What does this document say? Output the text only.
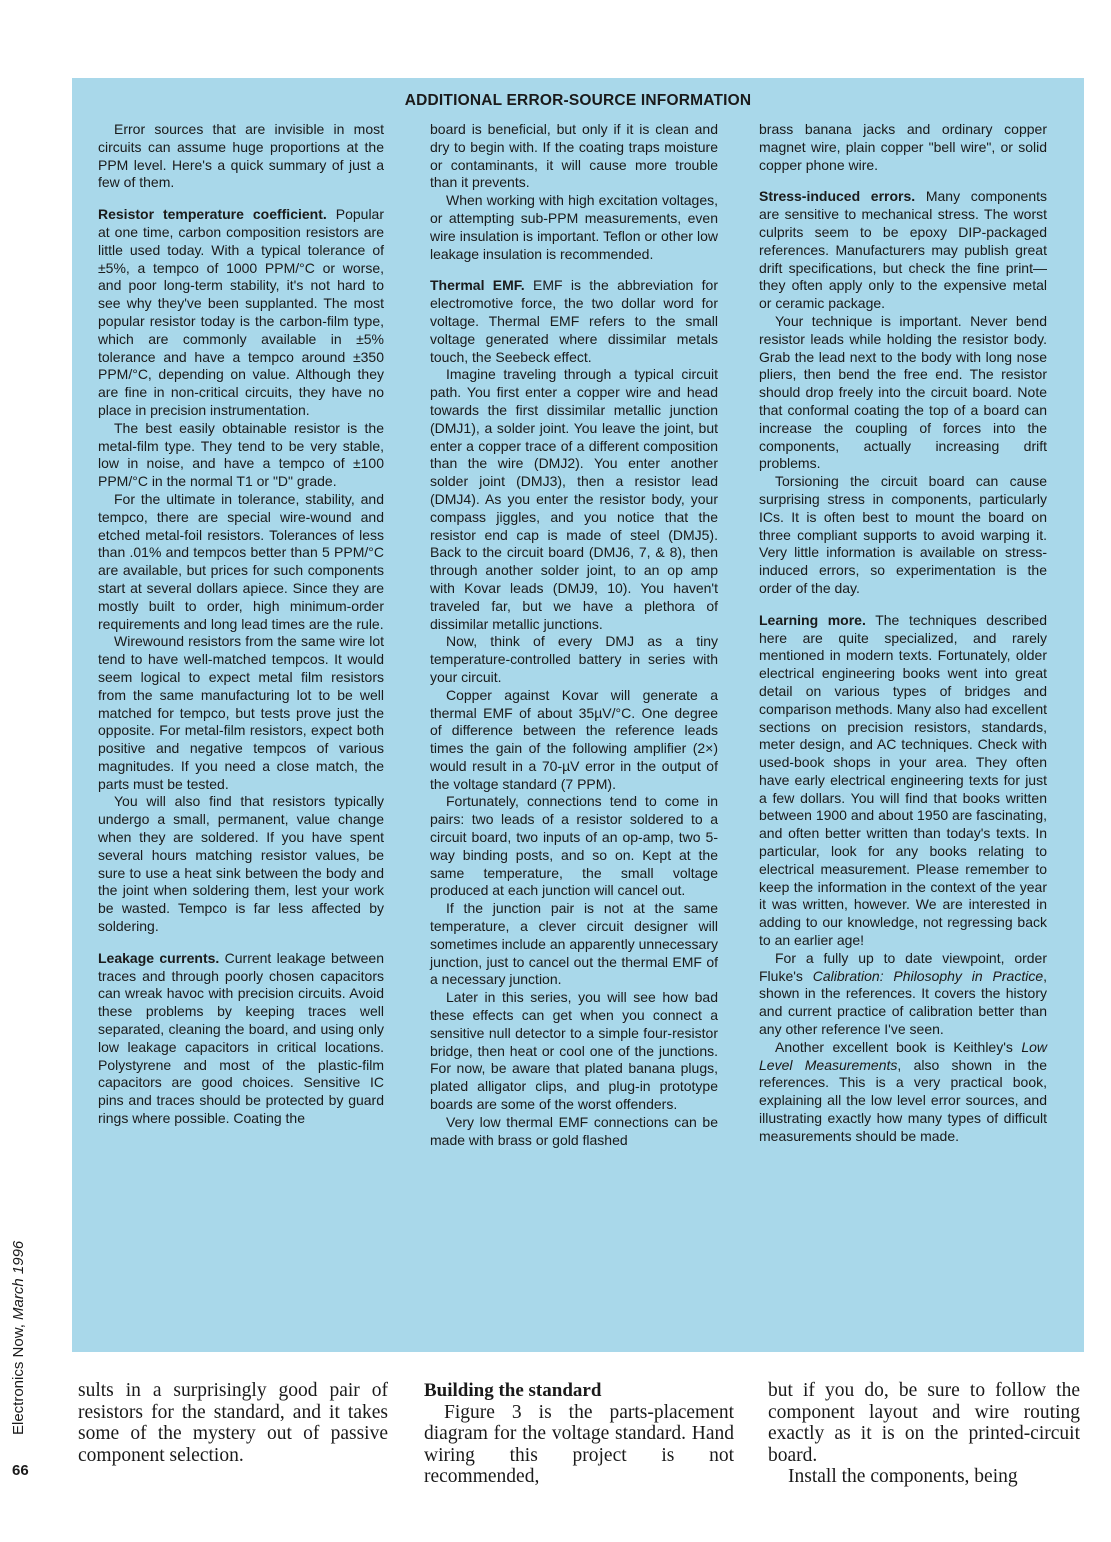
ADDITIONAL ERROR-SOURCE INFORMATION

Error sources that are invisible in most circuits can assume huge proportions at the PPM level. Here's a quick summary of just a few of them.

Resistor temperature coefficient. Popular at one time, carbon composition resistors are little used today. With a typical tolerance of ±5%, a tempco of 1000 PPM/°C or worse, and poor long-term stability, it's not hard to see why they've been supplanted. The most popular resistor today is the carbon-film type, which are commonly available in ±5% tolerance and have a tempco around ±350 PPM/°C, depending on value. Although they are fine in non-critical circuits, they have no place in precision instrumentation.

The best easily obtainable resistor is the metal-film type. They tend to be very stable, low in noise, and have a tempco of ±100 PPM/°C in the normal T1 or "D" grade.

For the ultimate in tolerance, stability, and tempco, there are special wire-wound and etched metal-foil resistors. Tolerances of less than .01% and tempcos better than 5 PPM/°C are available, but prices for such components start at several dollars apiece. Since they are mostly built to order, high minimum-order requirements and long lead times are the rule.

Wirewound resistors from the same wire lot tend to have well-matched tempcos. It would seem logical to expect metal film resistors from the same manufacturing lot to be well matched for tempco, but tests prove just the opposite. For metal-film resistors, expect both positive and negative tempcos of various magnitudes. If you need a close match, the parts must be tested.

You will also find that resistors typically undergo a small, permanent, value change when they are soldered. If you have spent several hours matching resistor values, be sure to use a heat sink between the body and the joint when soldering them, lest your work be wasted. Tempco is far less affected by soldering.

Leakage currents. Current leakage between traces and through poorly chosen capacitors can wreak havoc with precision circuits. Avoid these problems by keeping traces well separated, cleaning the board, and using only low leakage capacitors in critical locations. Polystyrene and most of the plastic-film capacitors are good choices. Sensitive IC pins and traces should be protected by guard rings where possible. Coating the

board is beneficial, but only if it is clean and dry to begin with. If the coating traps moisture or contaminants, it will cause more trouble than it prevents.

When working with high excitation voltages, or attempting sub-PPM measurements, even wire insulation is important. Teflon or other low leakage insulation is recommended.

Thermal EMF. EMF is the abbreviation for electromotive force, the two dollar word for voltage. Thermal EMF refers to the small voltage generated where dissimilar metals touch, the Seebeck effect.

Imagine traveling through a typical circuit path. You first enter a copper wire and head towards the first dissimilar metallic junction (DMJ1), a solder joint. You leave the joint, but enter a copper trace of a different composition than the wire (DMJ2). You enter another solder joint (DMJ3), then a resistor lead (DMJ4). As you enter the resistor body, your compass jiggles, and you notice that the resistor end cap is made of steel (DMJ5). Back to the circuit board (DMJ6, 7, & 8), then through another solder joint, to an op amp with Kovar leads (DMJ9, 10). You haven't traveled far, but we have a plethora of dissimilar metallic junctions.

Now, think of every DMJ as a tiny temperature-controlled battery in series with your circuit.

Copper against Kovar will generate a thermal EMF of about 35µV/°C. One degree of difference between the reference leads times the gain of the following amplifier (2×) would result in a 70-µV error in the output of the voltage standard (7 PPM).

Fortunately, connections tend to come in pairs: two leads of a resistor soldered to a circuit board, two inputs of an op-amp, two 5-way binding posts, and so on. Kept at the same temperature, the small voltage produced at each junction will cancel out.

If the junction pair is not at the same temperature, a clever circuit designer will sometimes include an apparently unnecessary junction, just to cancel out the thermal EMF of a necessary junction.

Later in this series, you will see how bad these effects can get when you connect a sensitive null detector to a simple four-resistor bridge, then heat or cool one of the junctions. For now, be aware that plated banana plugs, plated alligator clips, and plug-in prototype boards are some of the worst offenders.

Very low thermal EMF connections can be made with brass or gold flashed

brass banana jacks and ordinary copper magnet wire, plain copper "bell wire", or solid copper phone wire.

Stress-induced errors. Many components are sensitive to mechanical stress. The worst culprits seem to be epoxy DIP-packaged references. Manufacturers may publish great drift specifications, but check the fine print—they often apply only to the expensive metal or ceramic package.

Your technique is important. Never bend resistor leads while holding the resistor body. Grab the lead next to the body with long nose pliers, then bend the free end. The resistor should drop freely into the circuit board. Note that conformal coating the top of a board can increase the coupling of forces into the components, actually increasing drift problems.

Torsioning the circuit board can cause surprising stress in components, particularly ICs. It is often best to mount the board on three compliant supports to avoid warping it. Very little information is available on stress-induced errors, so experimentation is the order of the day.

Learning more. The techniques described here are quite specialized, and rarely mentioned in modern texts. Fortunately, older electrical engineering books went into great detail on various types of bridges and comparison methods. Many also had excellent sections on precision resistors, standards, meter design, and AC techniques. Check with used-book shops in your area. They often have early electrical engineering texts for just a few dollars. You will find that books written between 1900 and about 1950 are fascinating, and often better written than today's texts. In particular, look for any books relating to electrical measurement. Please remember to keep the information in the context of the year it was written, however. We are interested in adding to our knowledge, not regressing back to an earlier age!

For a fully up to date viewpoint, order Fluke's Calibration: Philosophy in Practice, shown in the references. It covers the history and current practice of calibration better than any other reference I've seen.

Another excellent book is Keithley's Low Level Measurements, also shown in the references. This is a very practical book, explaining all the low level error sources, and illustrating exactly how many types of difficult measurements should be made.

Electronics Now, March 1996
66

sults in a surprisingly good pair of resistors for the standard, and it takes some of the mystery out of passive component selection.

Building the standard

Figure 3 is the parts-placement diagram for the voltage standard. Hand wiring this project is not recommended,

but if you do, be sure to follow the component layout and wire routing exactly as it is on the printed-circuit board.

Install the components, being
